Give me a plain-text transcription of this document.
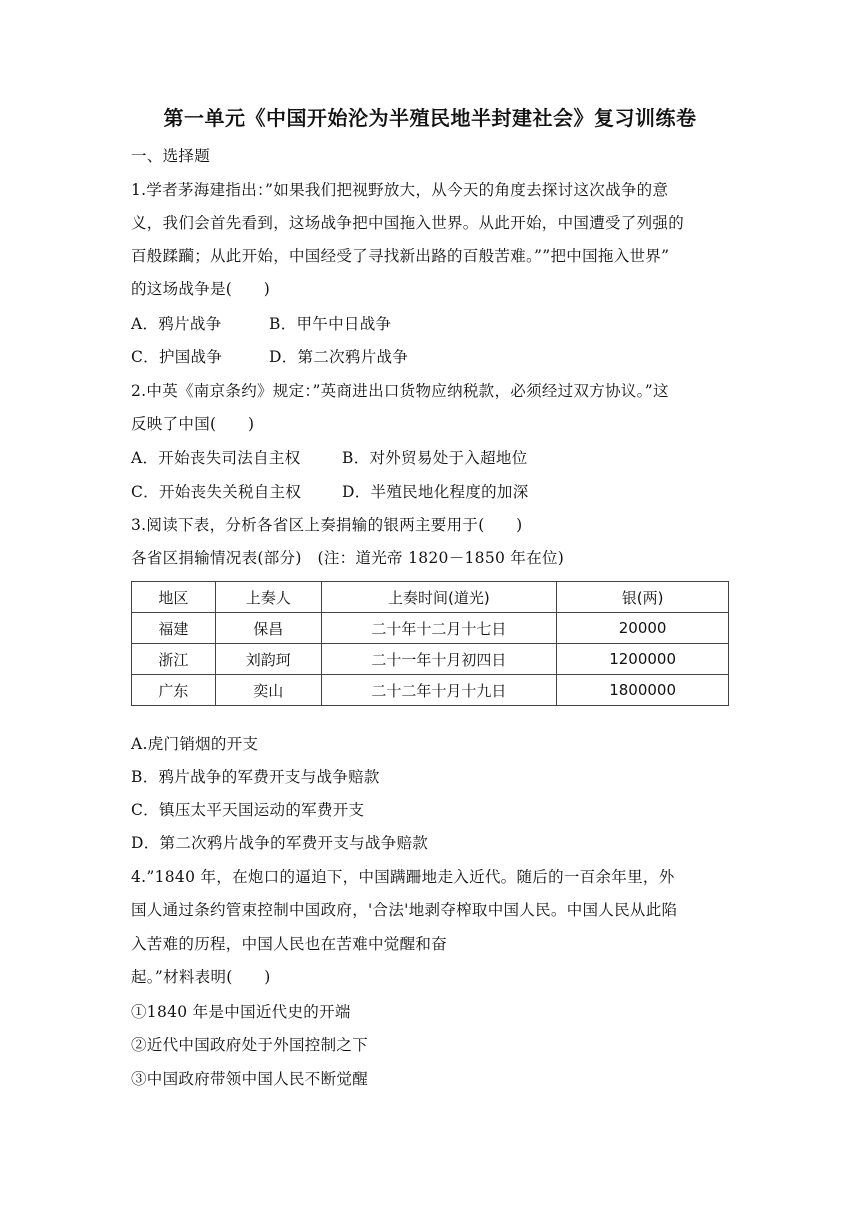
第一单元《中国开始沦为半殖民地半封建社会》复习训练卷
一、选择题
1.学者茅海建指出：”如果我们把视野放大，从今天的角度去探讨这次战争的意
义，我们会首先看到，这场战争把中国拖入世界。从此开始，中国遭受了列强的
百般蹂躏；从此开始，中国经受了寻找新出路的百般苦难。””把中国拖入世界”
的这场战争是(　　)
A．鸦片战争	B．甲午中日战争
C．护国战争	D．第二次鸦片战争
2.中英《南京条约》规定：”英商进出口货物应纳税款，必须经过双方协议。”这
反映了中国(　　)
A．开始丧失司法自主权	B．对外贸易处于入超地位
C．开始丧失关税自主权	D．半殖民地化程度的加深
3.阅读下表，分析各省区上奏捐输的银两主要用于(　　)
各省区捐输情况表(部分)　(注：道光帝 1820－1850 年在位)
地区	上奏人	上奏时间(道光)	银(两)
福建	保昌	二十年十二月十七日	20000
浙江	刘韵珂	二十一年十月初四日	1200000
广东	奕山	二十二年十月十九日	1800000
A.虎门销烟的开支
B．鸦片战争的军费开支与战争赔款
C．镇压太平天国运动的军费开支
D．第二次鸦片战争的军费开支与战争赔款
4.”1840 年，在炮口的逼迫下，中国蹒跚地走入近代。随后的一百余年里，外
国人通过条约管束控制中国政府，'合法'地剥夺榨取中国人民。中国人民从此陷
入苦难的历程，中国人民也在苦难中觉醒和奋
起。”材料表明(　　)
①1840 年是中国近代史的开端
②近代中国政府处于外国控制之下
③中国政府带领中国人民不断觉醒
